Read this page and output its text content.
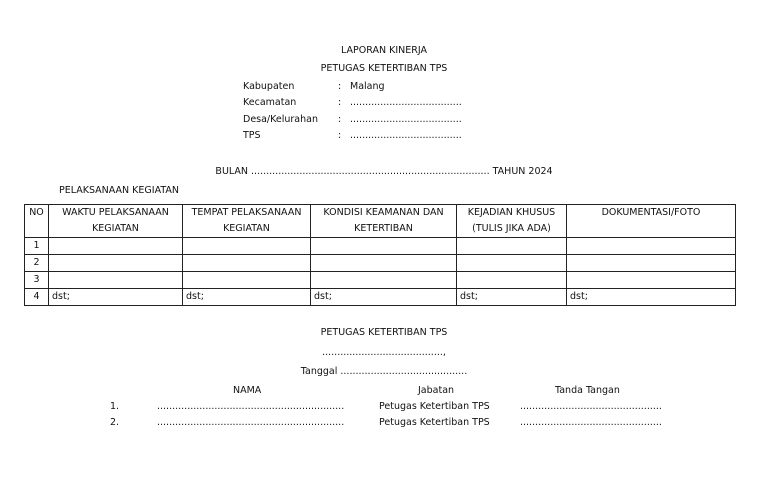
LAPORAN KINERJA
PETUGAS KETERTIBAN TPS
Kabupaten	: Malang
Kecamatan	: .....................................
Desa/Kelurahan	: .....................................
TPS	: .....................................
BULAN ............................................................................... TAHUN 2024
PELAKSANAAN KEGIATAN
NO	WAKTU PELAKSANAAN KEGIATAN	TEMPAT PELAKSANAAN KEGIATAN	KONDISI KEAMANAN DAN KETERTIBAN	KEJADIAN KHUSUS (TULIS JIKA ADA)	DOKUMENTASI/FOTO
1					
2					
3					
4	dst;	dst;	dst;	dst;	dst;
PETUGAS KETERTIBAN TPS
........................................,
Tanggal ..........................................
NAMA	Jabatan	Tanda Tangan
1.	..............................................................	Petugas Ketertiban TPS	...............................................
2.	..............................................................	Petugas Ketertiban TPS	...............................................
